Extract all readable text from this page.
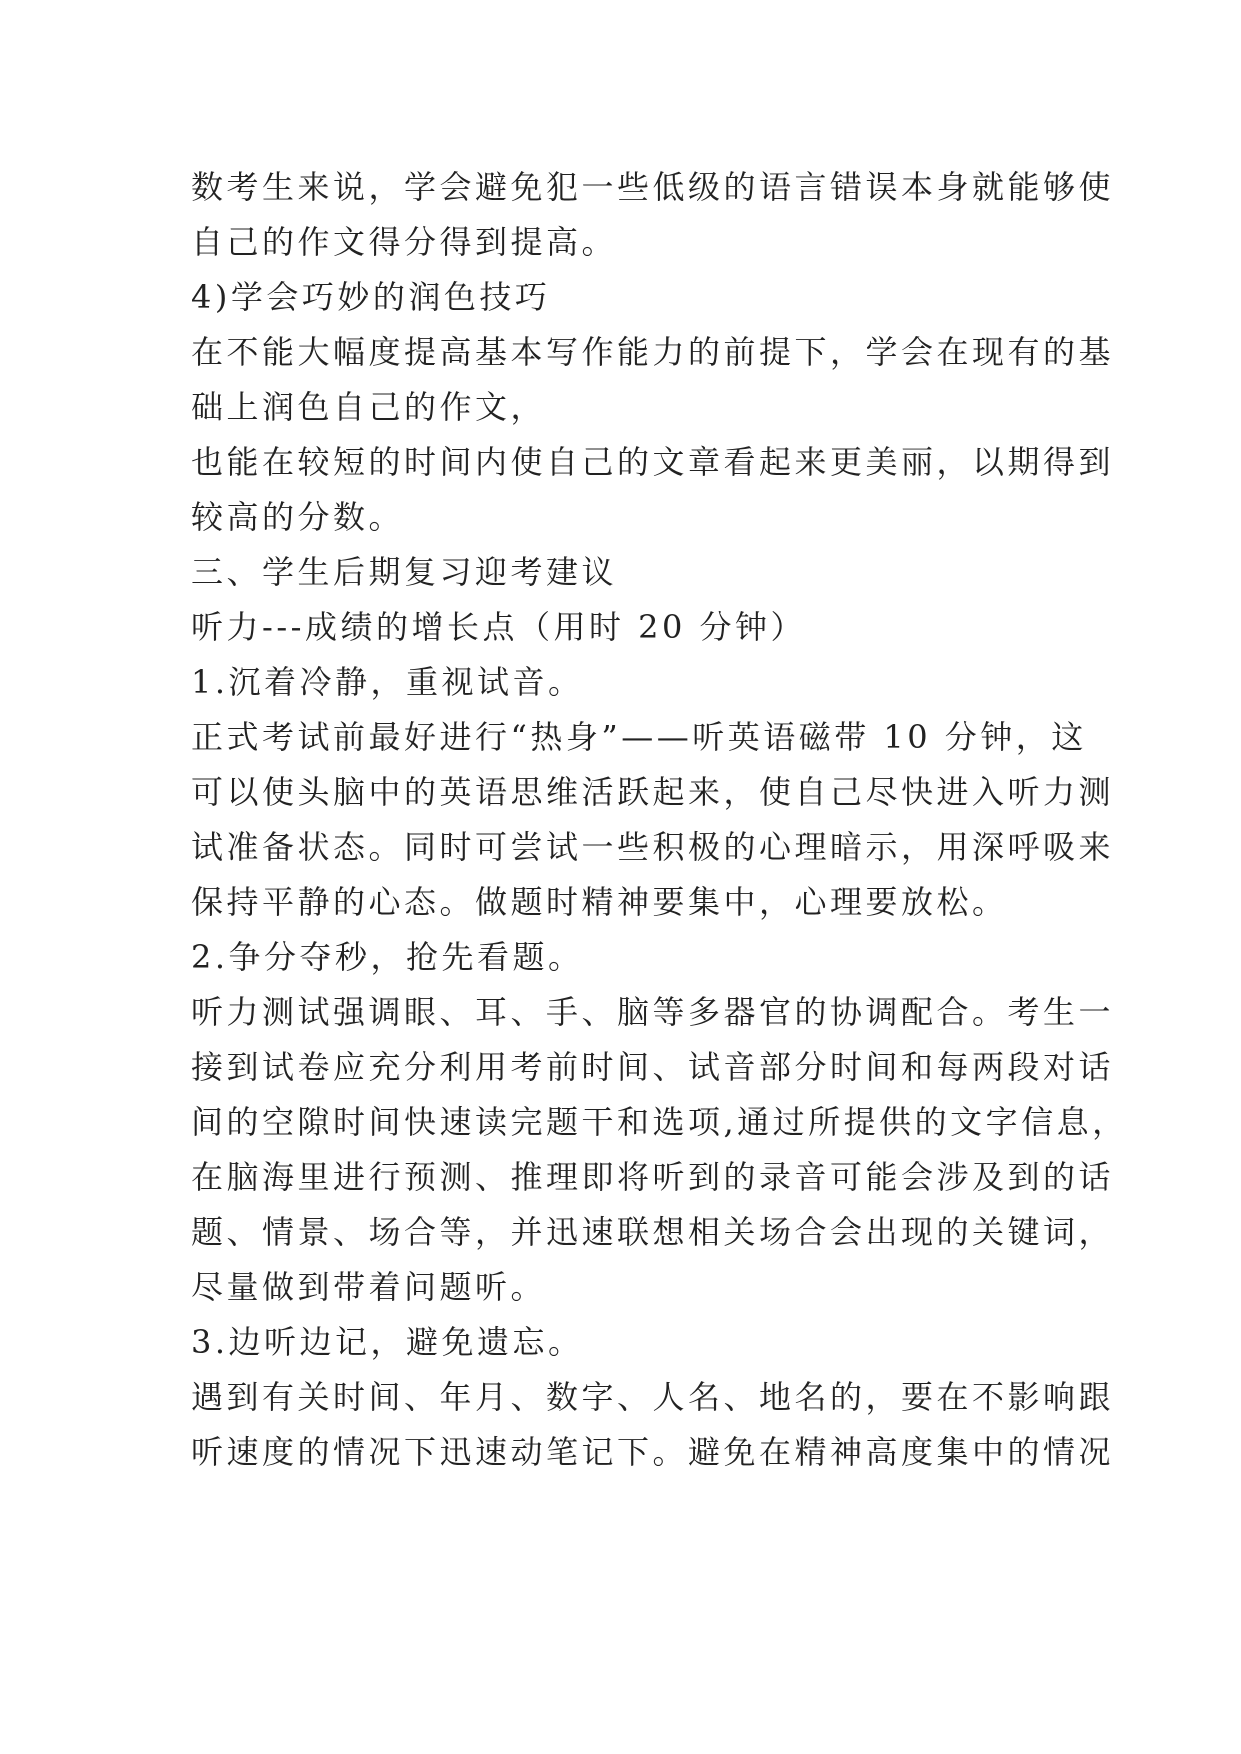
数考生来说，学会避免犯一些低级的语言错误本身就能够使
自己的作文得分得到提高。
4)学会巧妙的润色技巧
在不能大幅度提高基本写作能力的前提下，学会在现有的基
础上润色自己的作文，
也能在较短的时间内使自己的文章看起来更美丽，以期得到
较高的分数。
三、学生后期复习迎考建议
听力---成绩的增长点（用时 20 分钟）
1.沉着冷静，重视试音。
正式考试前最好进行“热身”——听英语磁带 10 分钟，这
可以使头脑中的英语思维活跃起来，使自己尽快进入听力测
试准备状态。同时可尝试一些积极的心理暗示，用深呼吸来
保持平静的心态。做题时精神要集中，心理要放松。
2.争分夺秒，抢先看题。
听力测试强调眼、耳、手、脑等多器官的协调配合。考生一
接到试卷应充分利用考前时间、试音部分时间和每两段对话
间的空隙时间快速读完题干和选项,通过所提供的文字信息，
在脑海里进行预测、推理即将听到的录音可能会涉及到的话
题、情景、场合等，并迅速联想相关场合会出现的关键词，
尽量做到带着问题听。
3.边听边记，避免遗忘。
遇到有关时间、年月、数字、人名、地名的，要在不影响跟
听速度的情况下迅速动笔记下。避免在精神高度集中的情况
